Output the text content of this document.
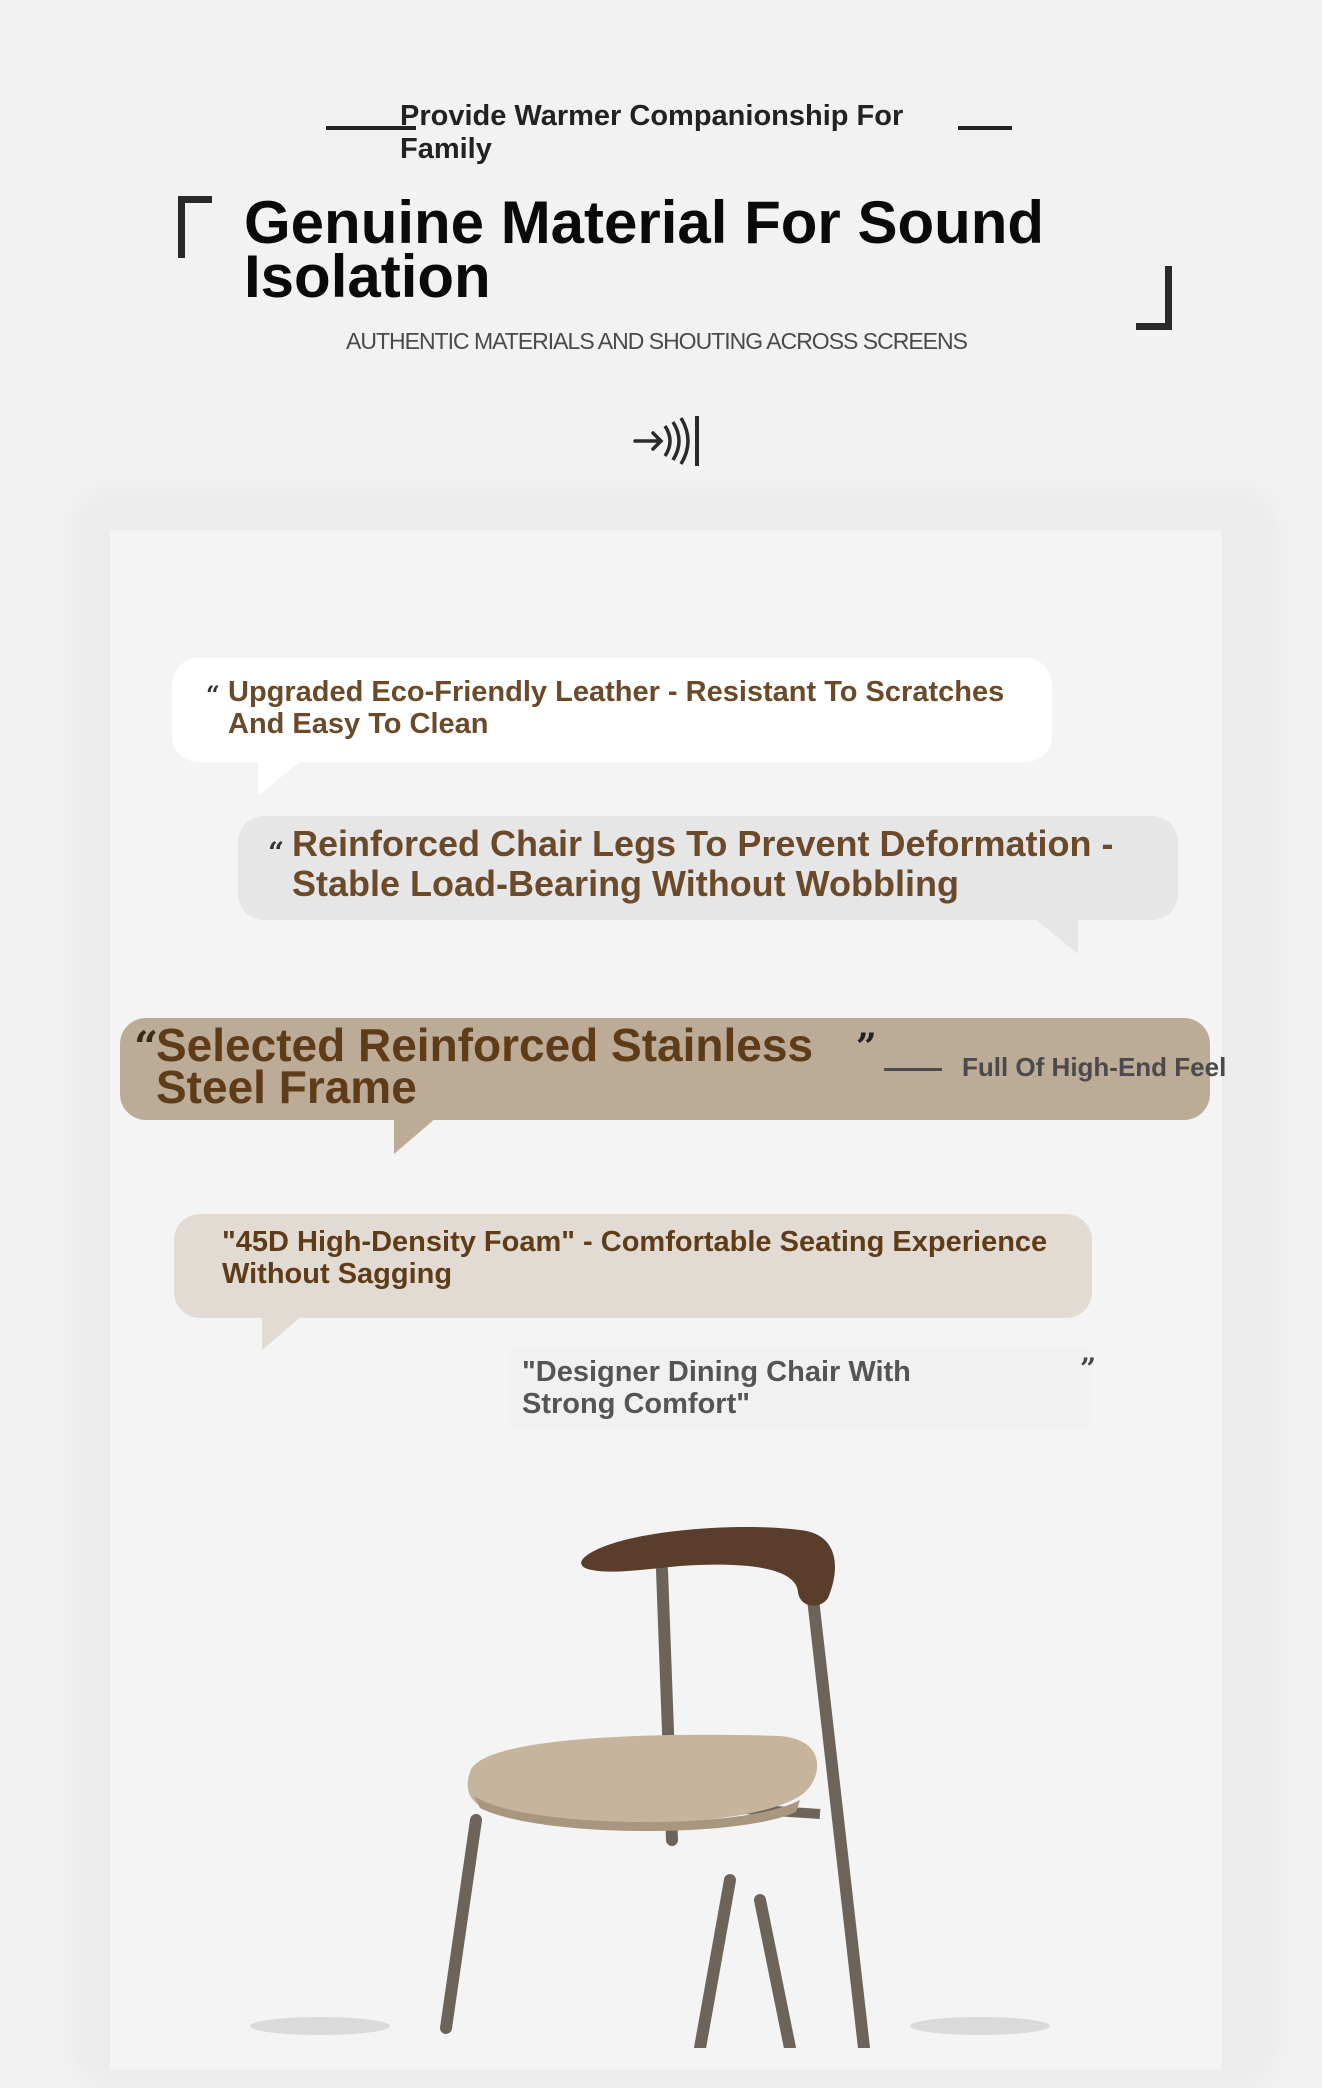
Provide Warmer Companionship For Family
Genuine Material For Sound Isolation
AUTHENTIC MATERIALS AND SHOUTING ACROSS SCREENS
“ Upgraded Eco-Friendly Leather - Resistant To Scratches And Easy To Clean
“ Reinforced Chair Legs To Prevent Deformation - Stable Load-Bearing Without Wobbling
“
Selected Reinforced Stainless Steel Frame
”	Full Of High-End Feel
"45D High-Density Foam" - Comfortable Seating Experience Without Sagging
"Designer Dining Chair With Strong Comfort"
”
